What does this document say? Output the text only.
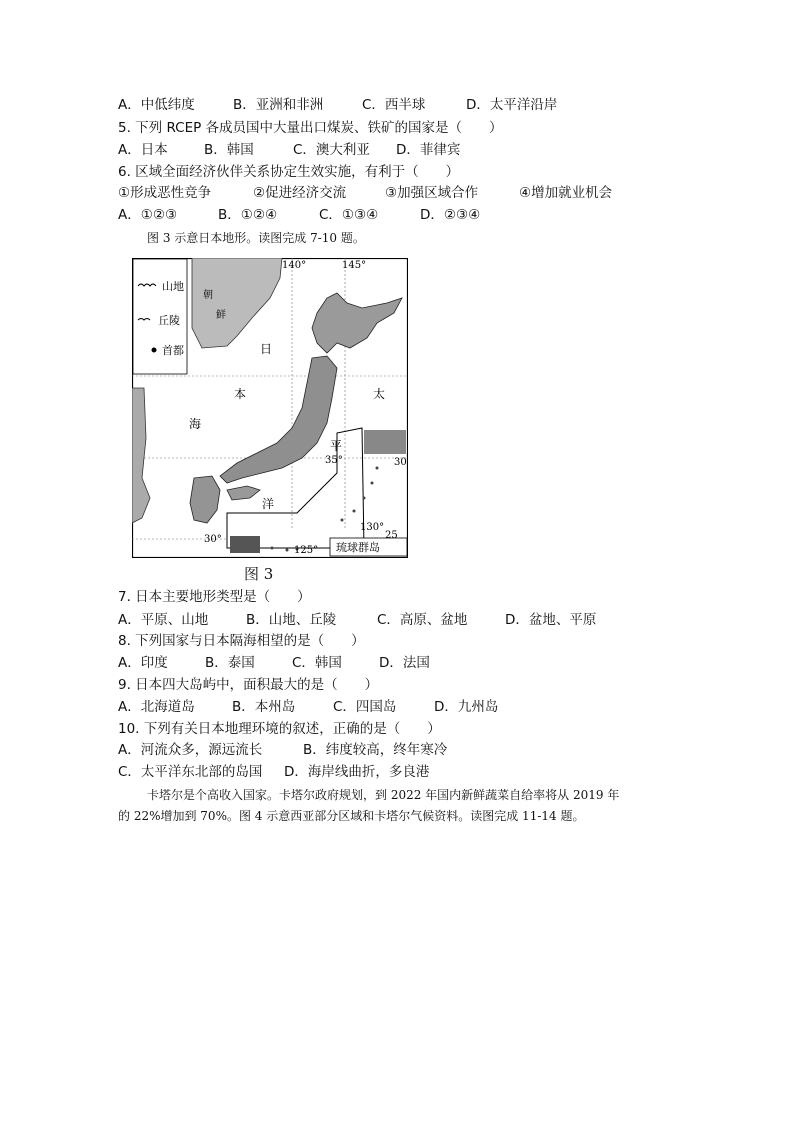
A．中低纬度	B．亚洲和非洲	C．西半球	D．太平洋沿岸
5. 下列 RCEP 各成员国中大量出口煤炭、铁矿的国家是（　　）
A．日本	B．韩国	C．澳大利亚 D．菲律宾
6. 区域全面经济伙伴关系协定生效实施，有利于（　　）
①形成恶性竞争	②促进经济交流	③加强区域合作	④增加就业机会
A．①②③	B．①②④	C．①③④	D．②③④
图 3 示意日本地形。读图完成 7-10 题。
山地
丘陵
首都
朝
鲜
琉球群岛
日
本
海
太
平
洋
140°	145°
35°
30°
130°
125°
25
30
图 3
7. 日本主要地形类型是（　　）
A．平原、山地	B．山地、丘陵	C．高原、盆地	D．盆地、平原
8. 下列国家与日本隔海相望的是（　　）
A．印度	B．泰国	C．韩国	D．法国
9. 日本四大岛屿中，面积最大的是（　　）
A．北海道岛	B．本州岛	C．四国岛	D．九州岛
10. 下列有关日本地理环境的叙述，正确的是（　　）
A．河流众多，源远流长	B．纬度较高，终年寒冷
C．太平洋东北部的岛国 D．海岸线曲折，多良港
卡塔尔是个高收入国家。卡塔尔政府规划，到 2022 年国内新鲜蔬菜自给率将从 2019 年
的 22%增加到 70%。图 4 示意西亚部分区域和卡塔尔气候资料。读图完成 11-14 题。
